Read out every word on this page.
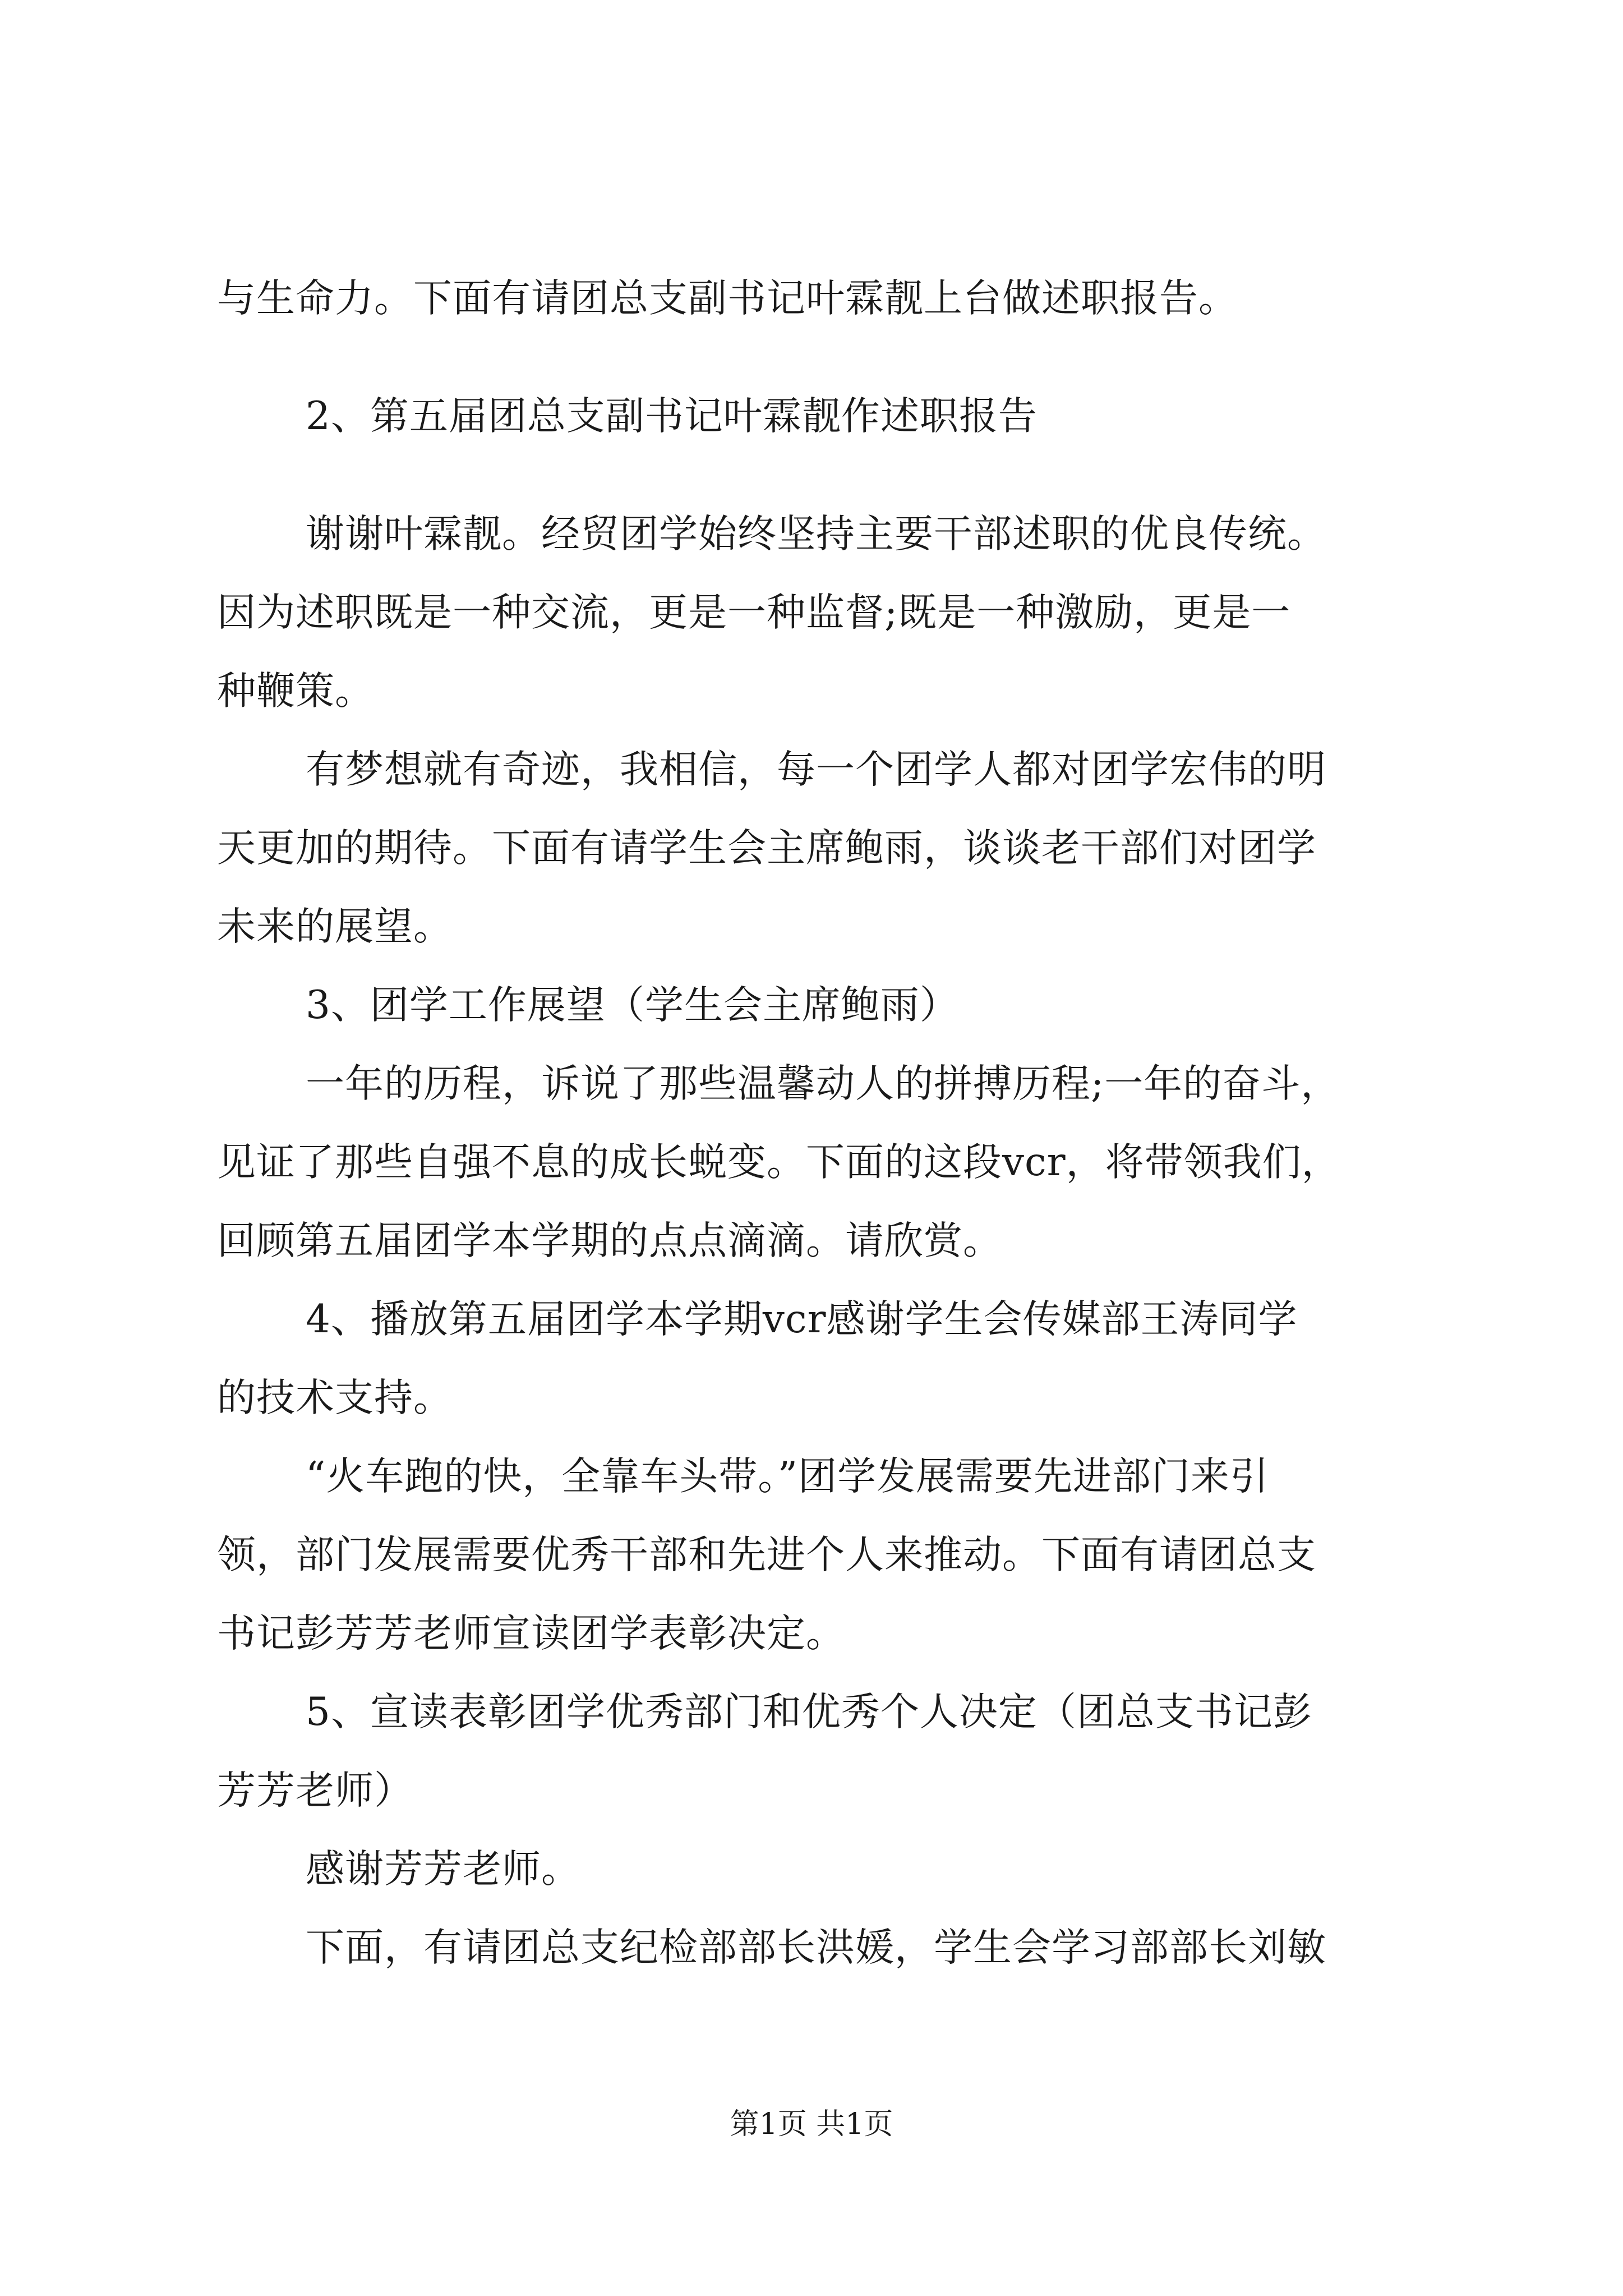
与生命力。下面有请团总支副书记叶霖靓上台做述职报告。
2、第五届团总支副书记叶霖靓作述职报告
谢谢叶霖靓。经贸团学始终坚持主要干部述职的优良传统。
因为述职既是一种交流，更是一种监督;既是一种激励，更是一
种鞭策。
有梦想就有奇迹，我相信，每一个团学人都对团学宏伟的明
天更加的期待。下面有请学生会主席鲍雨，谈谈老干部们对团学
未来的展望。
3、团学工作展望（学生会主席鲍雨）
一年的历程，诉说了那些温馨动人的拼搏历程;一年的奋斗，
见证了那些自强不息的成长蜕变。下面的这段vcr，将带领我们，
回顾第五届团学本学期的点点滴滴。请欣赏。
4、播放第五届团学本学期vcr感谢学生会传媒部王涛同学
的技术支持。
“火车跑的快，全靠车头带。”团学发展需要先进部门来引
领，部门发展需要优秀干部和先进个人来推动。下面有请团总支
书记彭芳芳老师宣读团学表彰决定。
5、宣读表彰团学优秀部门和优秀个人决定（团总支书记彭
芳芳老师）
感谢芳芳老师。
下面，有请团总支纪检部部长洪媛，学生会学习部部长刘敏
第1页 共1页
